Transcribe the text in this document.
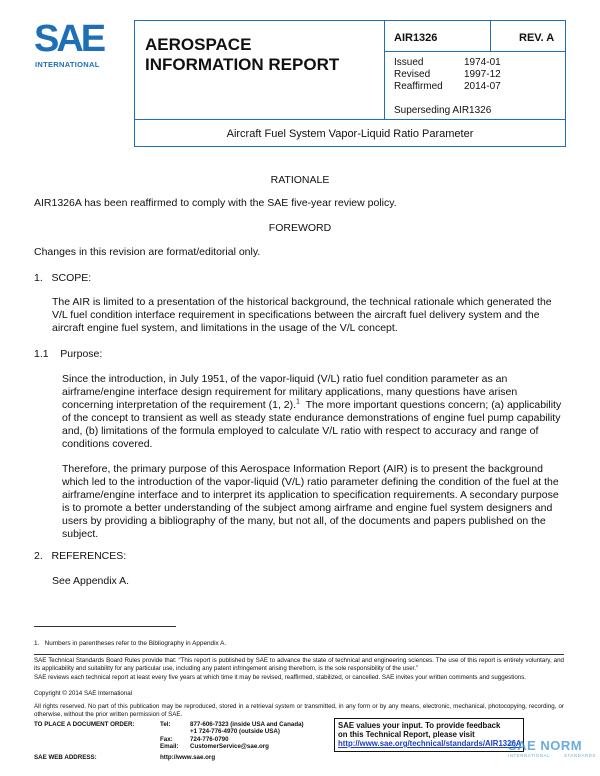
SAE
INTERNATIONAL
AEROSPACE
INFORMATION REPORT
AIR1326	REV. A
Issued	1974-01
Revised	1997-12
Reaffirmed	2014-07
Superseding AIR1326
Aircraft Fuel System Vapor-Liquid Ratio Parameter
RATIONALE
AIR1326A has been reaffirmed to comply with the SAE five-year review policy.
FOREWORD
Changes in this revision are format/editorial only.
1.   SCOPE:
The AIR is limited to a presentation of the historical background, the technical rationale which generated the V/L fuel condition interface requirement in specifications between the aircraft fuel delivery system and the aircraft engine fuel system, and limitations in the usage of the V/L concept.
1.1    Purpose:
Since the introduction, in July 1951, of the vapor-liquid (V/L) ratio fuel condition parameter as an airframe/engine interface design requirement for military applications, many questions have arisen concerning interpretation of the requirement (1, 2).$^1$  The more important questions concern; (a) applicability of the concept to transient as well as steady state endurance demonstrations of engine fuel pump capability and, (b) limitations of the formula employed to calculate V/L ratio with respect to accuracy and range of conditions covered.
Therefore, the primary purpose of this Aerospace Information Report (AIR) is to present the background which led to the introduction of the vapor-liquid (V/L) ratio parameter defining the condition of the fuel at the airframe/engine interface and to interpret its application to specification requirements. A secondary purpose is to promote a better understanding of the subject among airframe and engine fuel system designers and users by providing a bibliography of the many, but not all, of the documents and papers published on the subject.
2.   REFERENCES:
See Appendix A.
1.   Numbers in parentheses refer to the Bibliography in Appendix A.
SAE Technical Standards Board Rules provide that: “This report is published by SAE to advance the state of technical and engineering sciences. The use of this report is entirely voluntary, and its applicability and suitability for any particular use, including any patent infringement arising therefrom, is the sole responsibility of the user.”
SAE reviews each technical report at least every five years at which time it may be revised, reaffirmed, stabilized, or cancelled. SAE invites your written comments and suggestions.
Copyright © 2014 SAE International
All rights reserved. No part of this publication may be reproduced, stored in a retrieval system or transmitted, in any form or by any means, electronic, mechanical, photocopying, recording, or otherwise, without the prior written permission of SAE.
TO PLACE A DOCUMENT ORDER:	Tel:	877-606-7323 (inside USA and Canada)
+1 724-776-4970 (outside USA)
Fax:	724-776-0790
Email:	CustomerService@sae.org
SAE WEB ADDRESS:	http://www.sae.org
SAE values your input. To provide feedback
on this Technical Report, please visit
http://www.sae.org/technical/standards/AIR1326A
SAE NORM
INTERNATIONAL        STANDARDS
